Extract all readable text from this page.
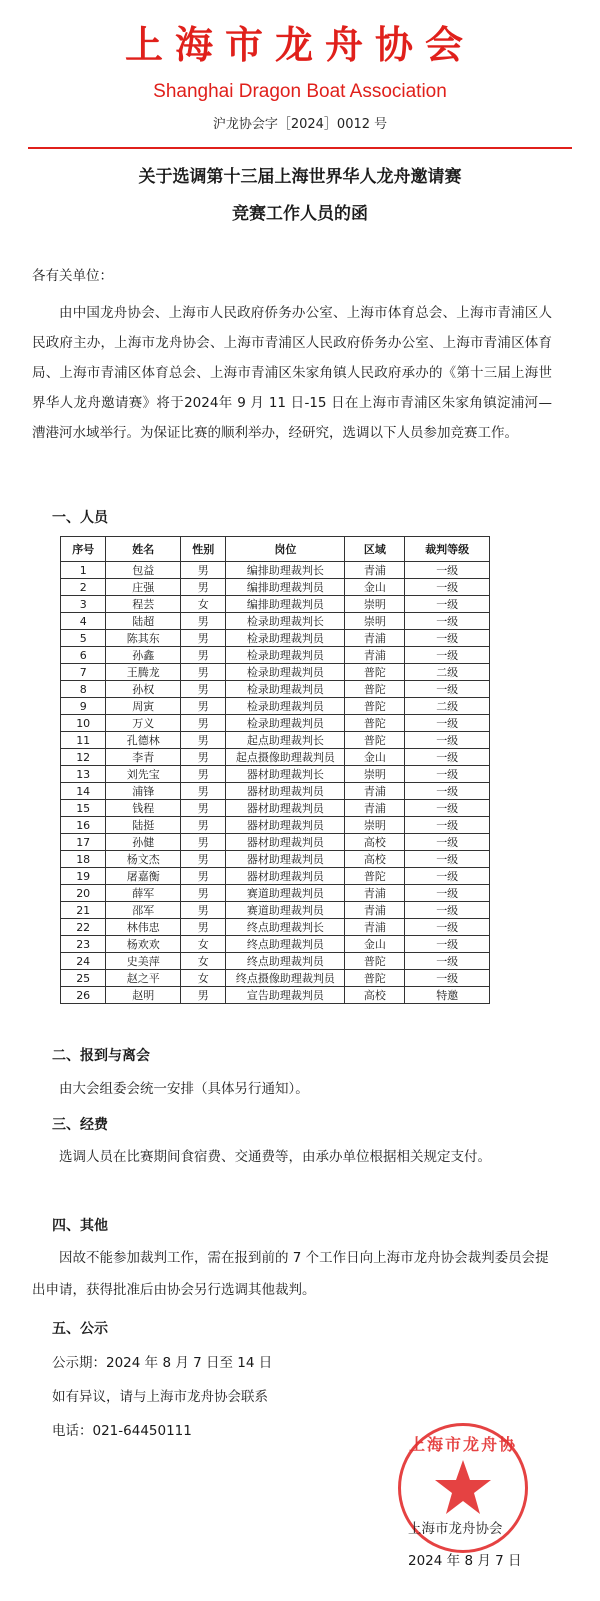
上海市龙舟协会
Shanghai Dragon Boat Association
沪龙协会字［2024］0012 号
关于选调第十三届上海世界华人龙舟邀请赛
竞赛工作人员的函
各有关单位：
由中国龙舟协会、上海市人民政府侨务办公室、上海市体育总会、上海市青浦区人民政府主办，上海市龙舟协会、上海市青浦区人民政府侨务办公室、上海市青浦区体育局、上海市青浦区体育总会、上海市青浦区朱家角镇人民政府承办的《第十三届上海世界华人龙舟邀请赛》将于2024年 9 月 11 日-15 日在上海市青浦区朱家角镇淀浦河—漕港河水域举行。为保证比赛的顺利举办，经研究，选调以下人员参加竞赛工作。
一、人员
序号	姓名	性别	岗位	区域	裁判等级
1	包益	男	编排助理裁判长	青浦	一级
2	庄强	男	编排助理裁判员	金山	一级
3	程芸	女	编排助理裁判员	崇明	一级
4	陆超	男	检录助理裁判长	崇明	一级
5	陈其东	男	检录助理裁判员	青浦	一级
6	孙鑫	男	检录助理裁判员	青浦	一级
7	王腾龙	男	检录助理裁判员	普陀	二级
8	孙权	男	检录助理裁判员	普陀	一级
9	周寅	男	检录助理裁判员	普陀	二级
10	万义	男	检录助理裁判员	普陀	一级
11	孔德林	男	起点助理裁判长	普陀	一级
12	李青	男	起点摄像助理裁判员	金山	一级
13	刘先宝	男	器材助理裁判长	崇明	一级
14	浦锋	男	器材助理裁判员	青浦	一级
15	钱程	男	器材助理裁判员	青浦	一级
16	陆挺	男	器材助理裁判员	崇明	一级
17	孙健	男	器材助理裁判员	高校	一级
18	杨文杰	男	器材助理裁判员	高校	一级
19	屠嘉衡	男	器材助理裁判员	普陀	一级
20	薛军	男	赛道助理裁判员	青浦	一级
21	邵军	男	赛道助理裁判员	青浦	一级
22	林伟忠	男	终点助理裁判长	青浦	一级
23	杨欢欢	女	终点助理裁判员	金山	一级
24	史美萍	女	终点助理裁判员	普陀	一级
25	赵之平	女	终点摄像助理裁判员	普陀	一级
26	赵明	男	宣告助理裁判员	高校	特邀
二、报到与离会
由大会组委会统一安排（具体另行通知）。
三、经费
选调人员在比赛期间食宿费、交通费等，由承办单位根据相关规定支付。
四、其他
因故不能参加裁判工作，需在报到前的 7 个工作日向上海市龙舟协会裁判委员会提出申请，获得批准后由协会另行选调其他裁判。
五、公示
公示期：2024 年 8 月 7 日至 14 日
如有异议，请与上海市龙舟协会联系
电话：021-64450111
上海市龙舟协
上海市龙舟协会
2024 年 8 月 7 日
